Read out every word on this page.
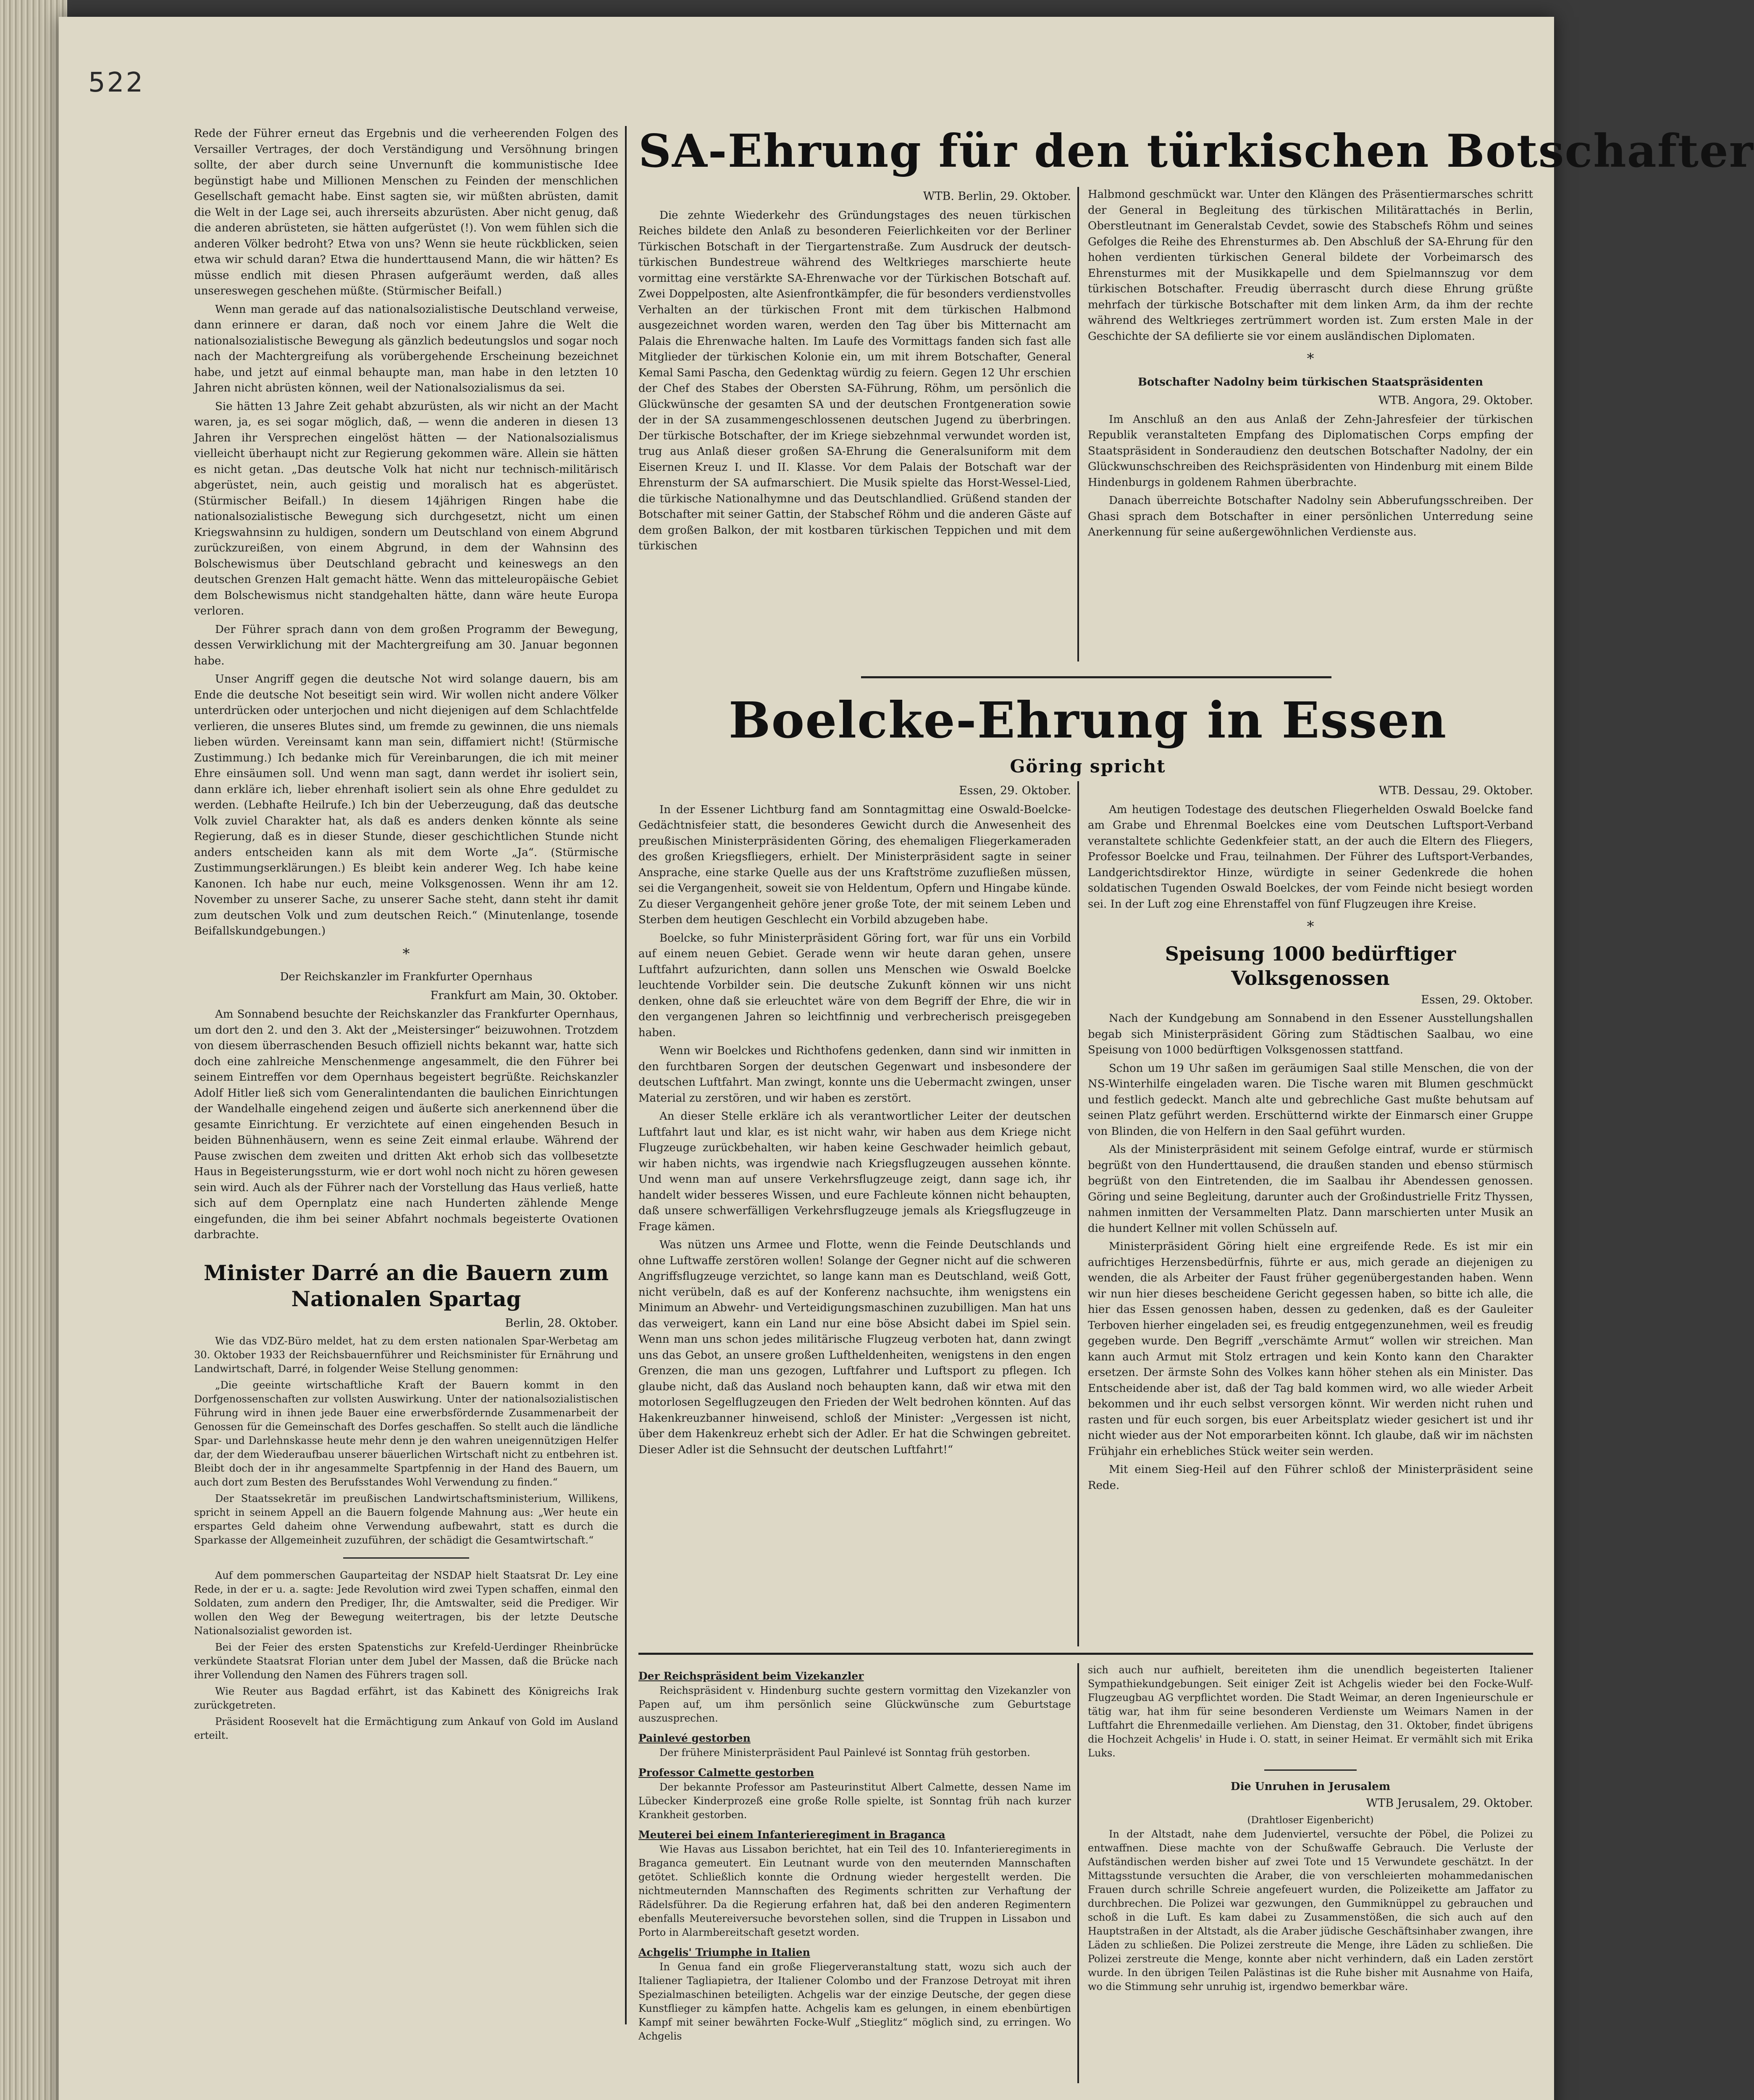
522

Rede der Führer erneut das Ergebnis und die verheerenden Folgen des Versailler Vertrages, der doch Verständigung und Versöhnung bringen sollte, der aber durch seine Unvernunft die kommunistische Idee begünstigt habe und Millionen Menschen zu Feinden der menschlichen Gesellschaft gemacht habe. Einst sagten sie, wir müßten abrüsten, damit die Welt in der Lage sei, auch ihrerseits abzurüsten. Aber nicht genug, daß die anderen abrüsteten, sie hätten aufgerüstet (!). Von wem fühlen sich die anderen Völker bedroht? Etwa von uns? Wenn sie heute rückblicken, seien etwa wir schuld daran? Etwa die hunderttausend Mann, die wir hätten? Es müsse endlich mit diesen Phrasen aufgeräumt werden, daß alles unsereswegen geschehen müßte. (Stürmischer Beifall.)

Wenn man gerade auf das nationalsozialistische Deutschland verweise, dann erinnere er daran, daß noch vor einem Jahre die Welt die nationalsozialistische Bewegung als gänzlich bedeutungslos und sogar noch nach der Machtergreifung als vorübergehende Erscheinung bezeichnet habe, und jetzt auf einmal behaupte man, man habe in den letzten 10 Jahren nicht abrüsten können, weil der Nationalsozialismus da sei.

Sie hätten 13 Jahre Zeit gehabt abzurüsten, als wir nicht an der Macht waren, ja, es sei sogar möglich, daß, — wenn die anderen in diesen 13 Jahren ihr Versprechen eingelöst hätten — der Nationalsozialismus vielleicht überhaupt nicht zur Regierung gekommen wäre. Allein sie hätten es nicht getan. „Das deutsche Volk hat nicht nur technisch-militärisch abgerüstet, nein, auch geistig und moralisch hat es abgerüstet. (Stürmischer Beifall.) In diesem 14jährigen Ringen habe die nationalsozialistische Bewegung sich durchgesetzt, nicht um einen Kriegswahnsinn zu huldigen, sondern um Deutschland von einem Abgrund zurückzureißen, von einem Abgrund, in dem der Wahnsinn des Bolschewismus über Deutschland gebracht und keineswegs an den deutschen Grenzen Halt gemacht hätte. Wenn das mitteleuropäische Gebiet dem Bolschewismus nicht standgehalten hätte, dann wäre heute Europa verloren.

Der Führer sprach dann von dem großen Programm der Bewegung, dessen Verwirklichung mit der Machtergreifung am 30. Januar begonnen habe.

Unser Angriff gegen die deutsche Not wird solange dauern, bis am Ende die deutsche Not beseitigt sein wird. Wir wollen nicht andere Völker unterdrücken oder unterjochen und nicht diejenigen auf dem Schlachtfelde verlieren, die unseres Blutes sind, um fremde zu gewinnen, die uns niemals lieben würden. Vereinsamt kann man sein, diffamiert nicht! (Stürmische Zustimmung.) Ich bedanke mich für Vereinbarungen, die ich mit meiner Ehre einsäumen soll. Und wenn man sagt, dann werdet ihr isoliert sein, dann erkläre ich, lieber ehrenhaft isoliert sein als ohne Ehre geduldet zu werden. (Lebhafte Heilrufe.) Ich bin der Ueberzeugung, daß das deutsche Volk zuviel Charakter hat, als daß es anders denken könnte als seine Regierung, daß es in dieser Stunde, dieser geschichtlichen Stunde nicht anders entscheiden kann als mit dem Worte „Ja“. (Stürmische Zustimmungserklärungen.) Es bleibt kein anderer Weg. Ich habe keine Kanonen. Ich habe nur euch, meine Volksgenossen. Wenn ihr am 12. November zu unserer Sache, zu unserer Sache steht, dann steht ihr damit zum deutschen Volk und zum deutschen Reich.“ (Minutenlange, tosende Beifallskundgebungen.)

*
Der Reichskanzler im Frankfurter Opernhaus
Frankfurt am Main, 30. Oktober.

Am Sonnabend besuchte der Reichskanzler das Frankfurter Opernhaus, um dort den 2. und den 3. Akt der „Meistersinger“ beizuwohnen. Trotzdem von diesem überraschenden Besuch offiziell nichts bekannt war, hatte sich doch eine zahlreiche Menschenmenge angesammelt, die den Führer bei seinem Eintreffen vor dem Opernhaus begeistert begrüßte. Reichskanzler Adolf Hitler ließ sich vom Generalintendanten die baulichen Einrichtungen der Wandelhalle eingehend zeigen und äußerte sich anerkennend über die gesamte Einrichtung. Er verzichtete auf einen eingehenden Besuch in beiden Bühnenhäusern, wenn es seine Zeit einmal erlaube. Während der Pause zwischen dem zweiten und dritten Akt erhob sich das vollbesetzte Haus in Begeisterungssturm, wie er dort wohl noch nicht zu hören gewesen sein wird. Auch als der Führer nach der Vorstellung das Haus verließ, hatte sich auf dem Opernplatz eine nach Hunderten zählende Menge eingefunden, die ihm bei seiner Abfahrt nochmals begeisterte Ovationen darbrachte.

Minister Darré an die Bauern zum Nationalen Spartag
Berlin, 28. Oktober.

Wie das VDZ-Büro meldet, hat zu dem ersten nationalen Spar-Werbetag am 30. Oktober 1933 der Reichsbauernführer und Reichsminister für Ernährung und Landwirtschaft, Darré, in folgender Weise Stellung genommen:

„Die geeinte wirtschaftliche Kraft der Bauern kommt in den Dorfgenossenschaften zur vollsten Auswirkung. Unter der nationalsozialistischen Führung wird in ihnen jede Bauer eine erwerbsfördernde Zusammenarbeit der Genossen für die Gemeinschaft des Dorfes geschaffen. So stellt auch die ländliche Spar- und Darlehnskasse heute mehr denn je den wahren uneigennützigen Helfer dar, der dem Wiederaufbau unserer bäuerlichen Wirtschaft nicht zu entbehren ist. Bleibt doch der in ihr angesammelte Spartpfennig in der Hand des Bauern, um auch dort zum Besten des Berufsstandes Wohl Verwendung zu finden.“

Der Staatssekretär im preußischen Landwirtschaftsministerium, Willikens, spricht in seinem Appell an die Bauern folgende Mahnung aus: „Wer heute ein erspartes Geld daheim ohne Verwendung aufbewahrt, statt es durch die Sparkasse der Allgemeinheit zuzuführen, der schädigt die Gesamtwirtschaft.“

Auf dem pommerschen Gauparteitag der NSDAP hielt Staatsrat Dr. Ley eine Rede, in der er u. a. sagte: Jede Revolution wird zwei Typen schaffen, einmal den Soldaten, zum andern den Prediger, Ihr, die Amtswalter, seid die Prediger. Wir wollen den Weg der Bewegung weitertragen, bis der letzte Deutsche Nationalsozialist geworden ist.

Bei der Feier des ersten Spatenstichs zur Krefeld-Uerdinger Rheinbrücke verkündete Staatsrat Florian unter dem Jubel der Massen, daß die Brücke nach ihrer Vollendung den Namen des Führers tragen soll.

Wie Reuter aus Bagdad erfährt, ist das Kabinett des Königreichs Irak zurückgetreten.

Präsident Roosevelt hat die Ermächtigung zum Ankauf von Gold im Ausland erteilt.

SA-Ehrung für den türkischen Botschafter
WTB. Berlin, 29. Oktober.

Die zehnte Wiederkehr des Gründungstages des neuen türkischen Reiches bildete den Anlaß zu besonderen Feierlichkeiten vor der Berliner Türkischen Botschaft in der Tiergartenstraße. Zum Ausdruck der deutsch-türkischen Bundestreue während des Weltkrieges marschierte heute vormittag eine verstärkte SA-Ehrenwache vor der Türkischen Botschaft auf. Zwei Doppelposten, alte Asienfrontkämpfer, die für besonders verdienstvolles Verhalten an der türkischen Front mit dem türkischen Halbmond ausgezeichnet worden waren, werden den Tag über bis Mitternacht am Palais die Ehrenwache halten. Im Laufe des Vormittags fanden sich fast alle Mitglieder der türkischen Kolonie ein, um mit ihrem Botschafter, General Kemal Sami Pascha, den Gedenktag würdig zu feiern. Gegen 12 Uhr erschien der Chef des Stabes der Obersten SA-Führung, Röhm, um persönlich die Glückwünsche der gesamten SA und der deutschen Frontgeneration sowie der in der SA zusammengeschlossenen deutschen Jugend zu überbringen. Der türkische Botschafter, der im Kriege siebzehnmal verwundet worden ist, trug aus Anlaß dieser großen SA-Ehrung die Generalsuniform mit dem Eisernen Kreuz I. und II. Klasse. Vor dem Palais der Botschaft war der Ehrensturm der SA aufmarschiert. Die Musik spielte das Horst-Wessel-Lied, die türkische Nationalhymne und das Deutschlandlied. Grüßend standen der Botschafter mit seiner Gattin, der Stabschef Röhm und die anderen Gäste auf dem großen Balkon, der mit kostbaren türkischen Teppichen und mit dem türkischen

Halbmond geschmückt war. Unter den Klängen des Präsentiermarsches schritt der General in Begleitung des türkischen Militärattachés in Berlin, Oberstleutnant im Generalstab Cevdet, sowie des Stabschefs Röhm und seines Gefolges die Reihe des Ehrensturmes ab. Den Abschluß der SA-Ehrung für den hohen verdienten türkischen General bildete der Vorbeimarsch des Ehrensturmes mit der Musikkapelle und dem Spielmannszug vor dem türkischen Botschafter. Freudig überrascht durch diese Ehrung grüßte mehrfach der türkische Botschafter mit dem linken Arm, da ihm der rechte während des Weltkrieges zertrümmert worden ist. Zum ersten Male in der Geschichte der SA defilierte sie vor einem ausländischen Diplomaten.

*
Botschafter Nadolny beim türkischen Staatspräsidenten
WTB. Angora, 29. Oktober.

Im Anschluß an den aus Anlaß der Zehn-Jahresfeier der türkischen Republik veranstalteten Empfang des Diplomatischen Corps empfing der Staatspräsident in Sonderaudienz den deutschen Botschafter Nadolny, der ein Glückwunschschreiben des Reichspräsidenten von Hindenburg mit einem Bilde Hindenburgs in goldenem Rahmen überbrachte.

Danach überreichte Botschafter Nadolny sein Abberufungsschreiben. Der Ghasi sprach dem Botschafter in einer persönlichen Unterredung seine Anerkennung für seine außergewöhnlichen Verdienste aus.

Boelcke-Ehrung in Essen
Göring spricht
Essen, 29. Oktober.

In der Essener Lichtburg fand am Sonntagmittag eine Oswald-Boelcke-Gedächtnisfeier statt, die besonderes Gewicht durch die Anwesenheit des preußischen Ministerpräsidenten Göring, des ehemaligen Fliegerkameraden des großen Kriegsfliegers, erhielt. Der Ministerpräsident sagte in seiner Ansprache, eine starke Quelle aus der uns Kraftströme zuzufließen müssen, sei die Vergangenheit, soweit sie von Heldentum, Opfern und Hingabe künde. Zu dieser Vergangenheit gehöre jener große Tote, der mit seinem Leben und Sterben dem heutigen Geschlecht ein Vorbild abzugeben habe.

Boelcke, so fuhr Ministerpräsident Göring fort, war für uns ein Vorbild auf einem neuen Gebiet. Gerade wenn wir heute daran gehen, unsere Luftfahrt aufzurichten, dann sollen uns Menschen wie Oswald Boelcke leuchtende Vorbilder sein. Die deutsche Zukunft können wir uns nicht denken, ohne daß sie erleuchtet wäre von dem Begriff der Ehre, die wir in den vergangenen Jahren so leichtfinnig und verbrecherisch preisgegeben haben.

Wenn wir Boelckes und Richthofens gedenken, dann sind wir inmitten in den furchtbaren Sorgen der deutschen Gegenwart und insbesondere der deutschen Luftfahrt. Man zwingt, konnte uns die Uebermacht zwingen, unser Material zu zerstören, und wir haben es zerstört.

An dieser Stelle erkläre ich als verantwortlicher Leiter der deutschen Luftfahrt laut und klar, es ist nicht wahr, wir haben aus dem Kriege nicht Flugzeuge zurückbehalten, wir haben keine Geschwader heimlich gebaut, wir haben nichts, was irgendwie nach Kriegsflugzeugen aussehen könnte. Und wenn man auf unsere Verkehrsflugzeuge zeigt, dann sage ich, ihr handelt wider besseres Wissen, und eure Fachleute können nicht behaupten, daß unsere schwerfälligen Verkehrsflugzeuge jemals als Kriegsflugzeuge in Frage kämen.

Was nützen uns Armee und Flotte, wenn die Feinde Deutschlands und ohne Luftwaffe zerstören wollen! Solange der Gegner nicht auf die schweren Angriffsflugzeuge verzichtet, so lange kann man es Deutschland, weiß Gott, nicht verübeln, daß es auf der Konferenz nachsuchte, ihm wenigstens ein Minimum an Abwehr- und Verteidigungsmaschinen zuzubilligen. Man hat uns das verweigert, kann ein Land nur eine böse Absicht dabei im Spiel sein. Wenn man uns schon jedes militärische Flugzeug verboten hat, dann zwingt uns das Gebot, an unsere großen Luftheldenheiten, wenigstens in den engen Grenzen, die man uns gezogen, Luftfahrer und Luftsport zu pflegen. Ich glaube nicht, daß das Ausland noch behaupten kann, daß wir etwa mit den motorlosen Segelflugzeugen den Frieden der Welt bedrohen könnten. Auf das Hakenkreuzbanner hinweisend, schloß der Minister: „Vergessen ist nicht, über dem Hakenkreuz erhebt sich der Adler. Er hat die Schwingen gebreitet. Dieser Adler ist die Sehnsucht der deutschen Luftfahrt!“

WTB. Dessau, 29. Oktober.

Am heutigen Todestage des deutschen Fliegerhelden Oswald Boelcke fand am Grabe und Ehrenmal Boelckes eine vom Deutschen Luftsport-Verband veranstaltete schlichte Gedenkfeier statt, an der auch die Eltern des Fliegers, Professor Boelcke und Frau, teilnahmen. Der Führer des Luftsport-Verbandes, Landgerichtsdirektor Hinze, würdigte in seiner Gedenkrede die hohen soldatischen Tugenden Oswald Boelckes, der vom Feinde nicht besiegt worden sei. In der Luft zog eine Ehrenstaffel von fünf Flugzeugen ihre Kreise.

*
Speisung 1000 bedürftiger Volksgenossen
Essen, 29. Oktober.

Nach der Kundgebung am Sonnabend in den Essener Ausstellungshallen begab sich Ministerpräsident Göring zum Städtischen Saalbau, wo eine Speisung von 1000 bedürftigen Volksgenossen stattfand.

Schon um 19 Uhr saßen im geräumigen Saal stille Menschen, die von der NS-Winterhilfe eingeladen waren. Die Tische waren mit Blumen geschmückt und festlich gedeckt. Manch alte und gebrechliche Gast mußte behutsam auf seinen Platz geführt werden. Erschütternd wirkte der Einmarsch einer Gruppe von Blinden, die von Helfern in den Saal geführt wurden.

Als der Ministerpräsident mit seinem Gefolge eintraf, wurde er stürmisch begrüßt von den Hunderttausend, die draußen standen und ebenso stürmisch begrüßt von den Eintretenden, die im Saalbau ihr Abendessen genossen. Göring und seine Begleitung, darunter auch der Großindustrielle Fritz Thyssen, nahmen inmitten der Versammelten Platz. Dann marschierten unter Musik an die hundert Kellner mit vollen Schüsseln auf.

Ministerpräsident Göring hielt eine ergreifende Rede. Es ist mir ein aufrichtiges Herzensbedürfnis, führte er aus, mich gerade an diejenigen zu wenden, die als Arbeiter der Faust früher gegenübergestanden haben. Wenn wir nun hier dieses bescheidene Gericht gegessen haben, so bitte ich alle, die hier das Essen genossen haben, dessen zu gedenken, daß es der Gauleiter Terboven hierher eingeladen sei, es freudig entgegenzunehmen, weil es freudig gegeben wurde. Den Begriff „verschämte Armut“ wollen wir streichen. Man kann auch Armut mit Stolz ertragen und kein Konto kann den Charakter ersetzen. Der ärmste Sohn des Volkes kann höher stehen als ein Minister. Das Entscheidende aber ist, daß der Tag bald kommen wird, wo alle wieder Arbeit bekommen und ihr euch selbst versorgen könnt. Wir werden nicht ruhen und rasten und für euch sorgen, bis euer Arbeitsplatz wieder gesichert ist und ihr nicht wieder aus der Not emporarbeiten könnt. Ich glaube, daß wir im nächsten Frühjahr ein erhebliches Stück weiter sein werden.

Mit einem Sieg-Heil auf den Führer schloß der Ministerpräsident seine Rede.

Der Reichspräsident beim Vizekanzler

Reichspräsident v. Hindenburg suchte gestern vormittag den Vizekanzler von Papen auf, um ihm persönlich seine Glückwünsche zum Geburtstage auszusprechen.

Painlevé gestorben

Der frühere Ministerpräsident Paul Painlevé ist Sonntag früh gestorben.

Professor Calmette gestorben

Der bekannte Professor am Pasteurinstitut Albert Calmette, dessen Name im Lübecker Kinderprozeß eine große Rolle spielte, ist Sonntag früh nach kurzer Krankheit gestorben.

Meuterei bei einem Infanterieregiment in Braganca

Wie Havas aus Lissabon berichtet, hat ein Teil des 10. Infanterieregiments in Braganca gemeutert. Ein Leutnant wurde von den meuternden Mannschaften getötet. Schließlich konnte die Ordnung wieder hergestellt werden. Die nichtmeuternden Mannschaften des Regiments schritten zur Verhaftung der Rädelsführer. Da die Regierung erfahren hat, daß bei den anderen Regimentern ebenfalls Meutereiversuche bevorstehen sollen, sind die Truppen in Lissabon und Porto in Alarmbereitschaft gesetzt worden.

Achgelis' Triumphe in Italien

In Genua fand ein große Fliegerveranstaltung statt, wozu sich auch der Italiener Tagliapietra, der Italiener Colombo und der Franzose Detroyat mit ihren Spezialmaschinen beteiligten. Achgelis war der einzige Deutsche, der gegen diese Kunstflieger zu kämpfen hatte. Achgelis kam es gelungen, in einem ebenbürtigen Kampf mit seiner bewährten Focke-Wulf „Stieglitz“ möglich sind, zu erringen. Wo Achgelis

sich auch nur aufhielt, bereiteten ihm die unendlich begeisterten Italiener Sympathiekundgebungen. Seit einiger Zeit ist Achgelis wieder bei den Focke-Wulf-Flugzeugbau AG verpflichtet worden. Die Stadt Weimar, an deren Ingenieurschule er tätig war, hat ihm für seine besonderen Verdienste um Weimars Namen in der Luftfahrt die Ehrenmedaille verliehen. Am Dienstag, den 31. Oktober, findet übrigens die Hochzeit Achgelis' in Hude i. O. statt, in seiner Heimat. Er vermählt sich mit Erika Luks.

Die Unruhen in Jerusalem
WTB Jerusalem, 29. Oktober.
(Drahtloser Eigenbericht)

In der Altstadt, nahe dem Judenviertel, versuchte der Pöbel, die Polizei zu entwaffnen. Diese machte von der Schußwaffe Gebrauch. Die Verluste der Aufständischen werden bisher auf zwei Tote und 15 Verwundete geschätzt. In der Mittagsstunde versuchten die Araber, die von verschleierten mohammedanischen Frauen durch schrille Schreie angefeuert wurden, die Polizeikette am Jaffator zu durchbrechen. Die Polizei war gezwungen, den Gummiknüppel zu gebrauchen und schoß in die Luft. Es kam dabei zu Zusammenstößen, die sich auch auf den Hauptstraßen in der Altstadt, als die Araber jüdische Geschäftsinhaber zwangen, ihre Läden zu schließen. Die Polizei zerstreute die Menge, ihre Läden zu schließen. Die Polizei zerstreute die Menge, konnte aber nicht verhindern, daß ein Laden zerstört wurde. In den übrigen Teilen Palästinas ist die Ruhe bisher mit Ausnahme von Haifa, wo die Stimmung sehr unruhig ist, irgendwo bemerkbar wäre.
